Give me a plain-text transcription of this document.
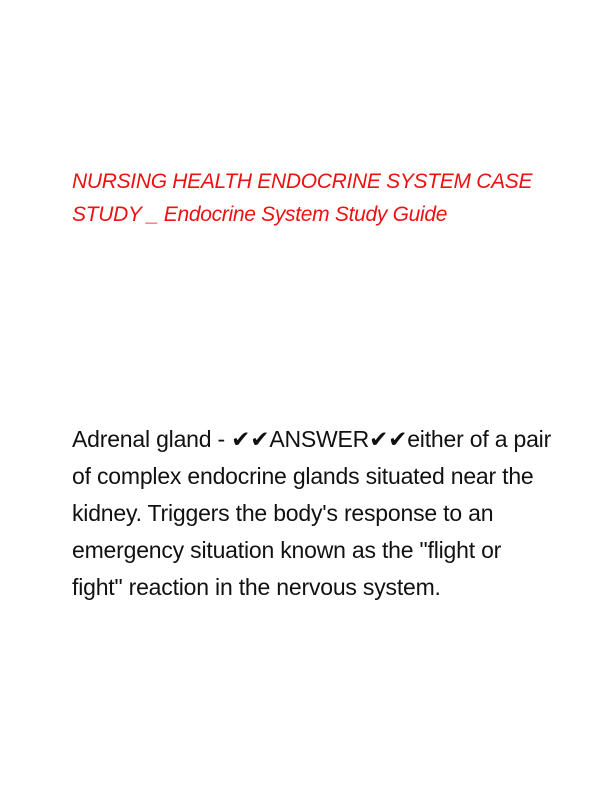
NURSING HEALTH ENDOCRINE SYSTEM CASE STUDY _ Endocrine System Study Guide

Adrenal gland - ✔✔ANSWER✔✔either of a pair of complex endocrine glands situated near the kidney. Triggers the body's response to an emergency situation known as the "flight or fight" reaction in the nervous system.
